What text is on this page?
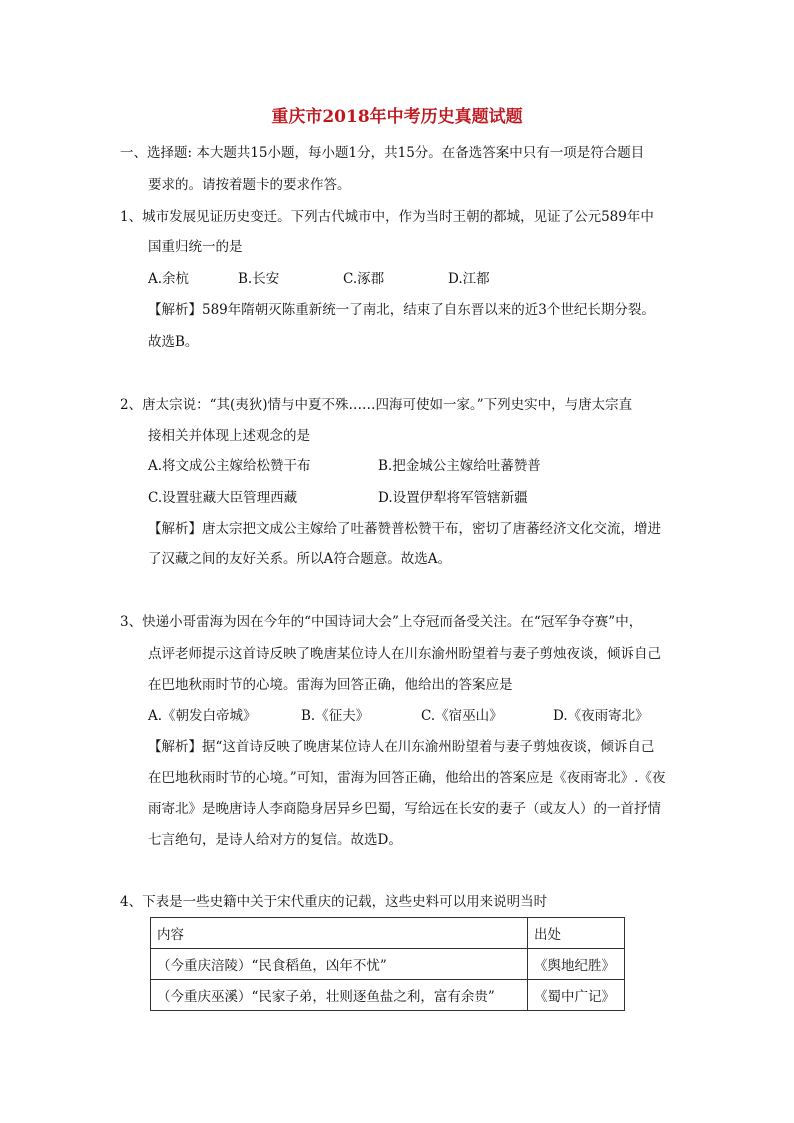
重庆市2018年中考历史真题试题
一、选择题: 本大题共15小题，每小题1分，共15分。在备选答案中只有一项是符合题目
要求的。请按着题卡的要求作答。
1、城市发展见证历史变迁。下列古代城市中，作为当时王朝的都城，见证了公元589年中
国重归统一的是
A.余杭	B.长安	C.涿郡	D.江都
【解析】589年隋朝灭陈重新统一了南北，结束了自东晋以来的近3个世纪长期分裂。
故选B。
2、唐太宗说：“其(夷狄)情与中夏不殊……四海可使如一家。”下列史实中，与唐太宗直
接相关并体现上述观念的是
A.将文成公主嫁给松赞干布	B.把金城公主嫁给吐蕃赞普
C.设置驻藏大臣管理西藏	D.设置伊犁将军管辖新疆
【解析】唐太宗把文成公主嫁给了吐蕃赞普松赞干布，密切了唐蕃经济文化交流，增进
了汉藏之间的友好关系。所以A符合题意。故选A。
3、快递小哥雷海为因在今年的“中国诗词大会”上夺冠而备受关注。在“冠军争夺赛”中，
点评老师提示这首诗反映了晚唐某位诗人在川东渝州盼望着与妻子剪烛夜谈，倾诉自己
在巴地秋雨时节的心境。雷海为回答正确，他给出的答案应是
A.《朝发白帝城》	B.《征夫》	C.《宿巫山》	D.《夜雨寄北》
【解析】据“这首诗反映了晚唐某位诗人在川东渝州盼望着与妻子剪烛夜谈，倾诉自己
在巴地秋雨时节的心境。”可知，雷海为回答正确，他给出的答案应是《夜雨寄北》.《夜
雨寄北》是晚唐诗人李商隐身居异乡巴蜀，写给远在长安的妻子（或友人）的一首抒情
七言绝句，是诗人给对方的复信。故选D。
4、下表是一些史籍中关于宋代重庆的记载，这些史料可以用来说明当时
内容	出处
（今重庆涪陵）“民食稻鱼，凶年不忧”	《舆地纪胜》
（今重庆巫溪）“民家子弟，壮则逐鱼盐之利，富有余贵”	《蜀中广记》
